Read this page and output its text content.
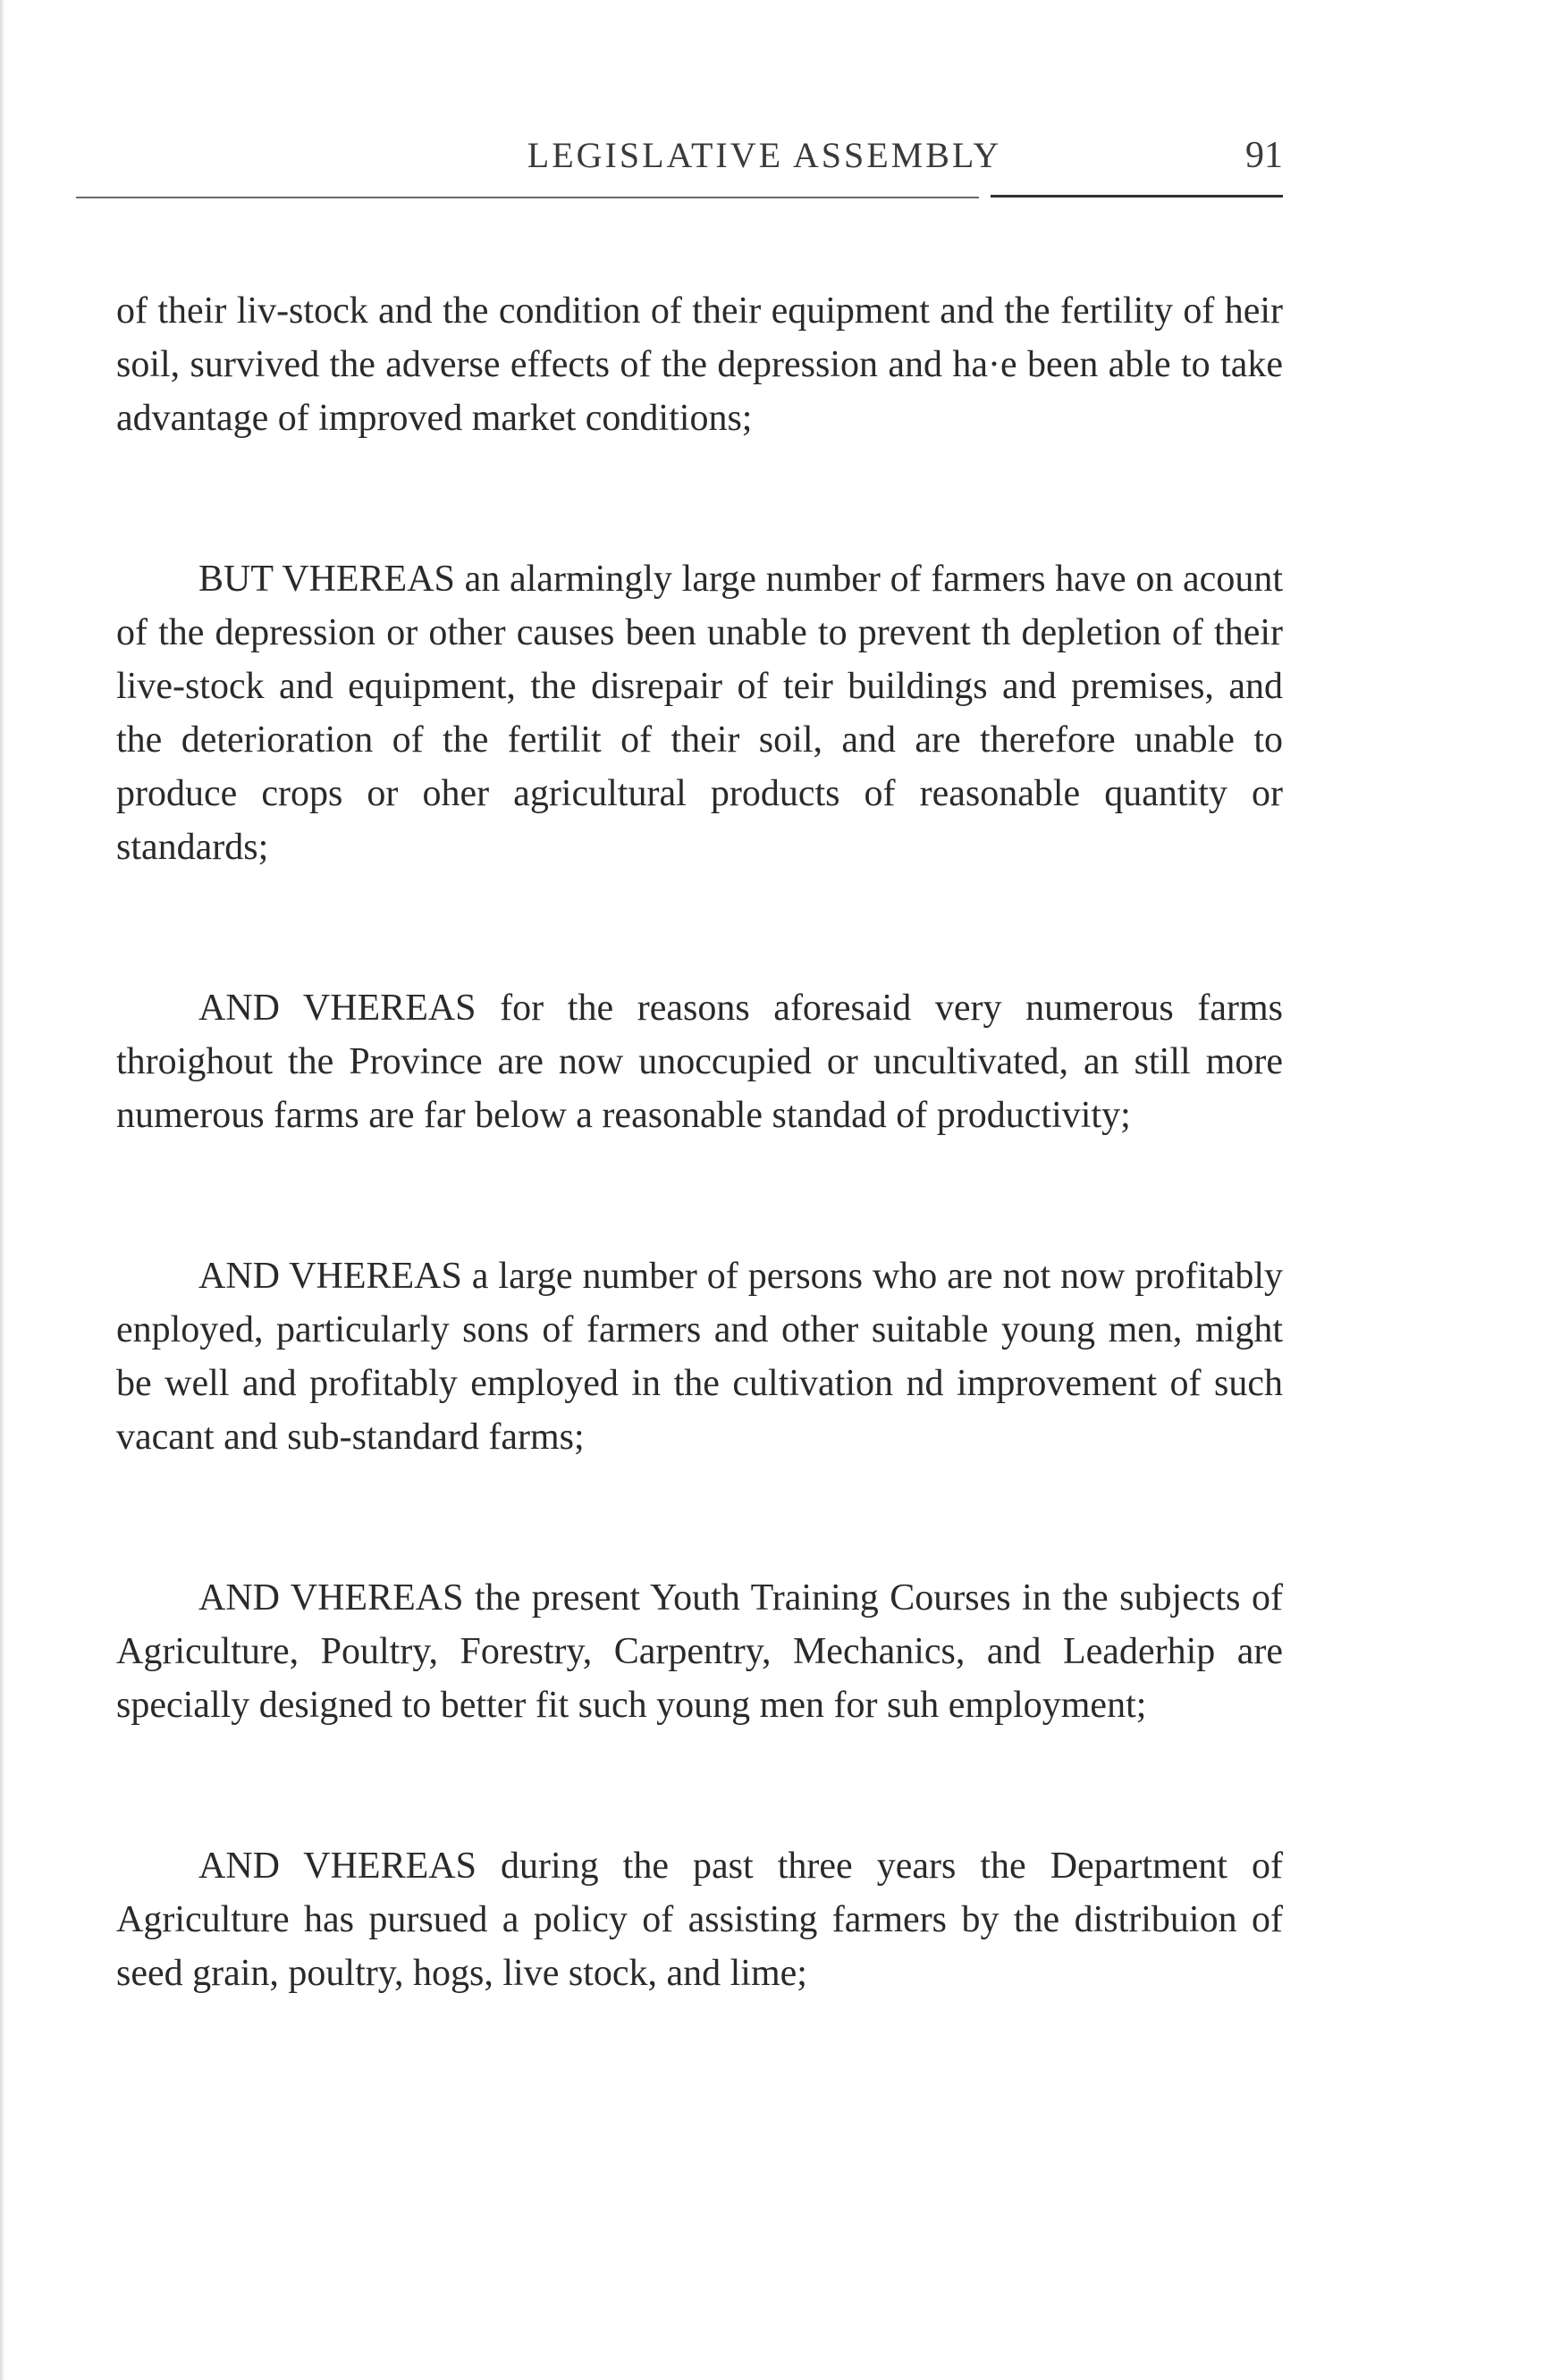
LEGISLATIVE ASSEMBLY	91

of their liv-stock and the condition of their equipment and the fertility of heir soil, survived the adverse effects of the depression and ha·e been able to take advantage of improved market conditions;

BUT VHEREAS an alarmingly large number of farmers have on acount of the depression or other causes been unable to prevent th depletion of their live-stock and equipment, the disrepair of teir buildings and premises, and the deterioration of the fertilit of their soil, and are therefore unable to produce crops or oher agricultural products of reasonable quantity or standards;

AND VHEREAS for the reasons aforesaid very numerous farms throighout the Province are now unoccupied or uncultivated, an still more numerous farms are far below a reasonable standad of productivity;

AND VHEREAS a large number of persons who are not now profitably enployed, particularly sons of farmers and other suitable young men, might be well and profitably employed in the cultivation nd improvement of such vacant and sub-standard farms;

AND VHEREAS the present Youth Training Courses in the subjects of Agriculture, Poultry, Forestry, Carpentry, Mechanics, and Leaderhip are specially designed to better fit such young men for suh employment;

AND VHEREAS during the past three years the Department of Agriculture has pursued a policy of assisting farmers by the distribuion of seed grain, poultry, hogs, live stock, and lime;
